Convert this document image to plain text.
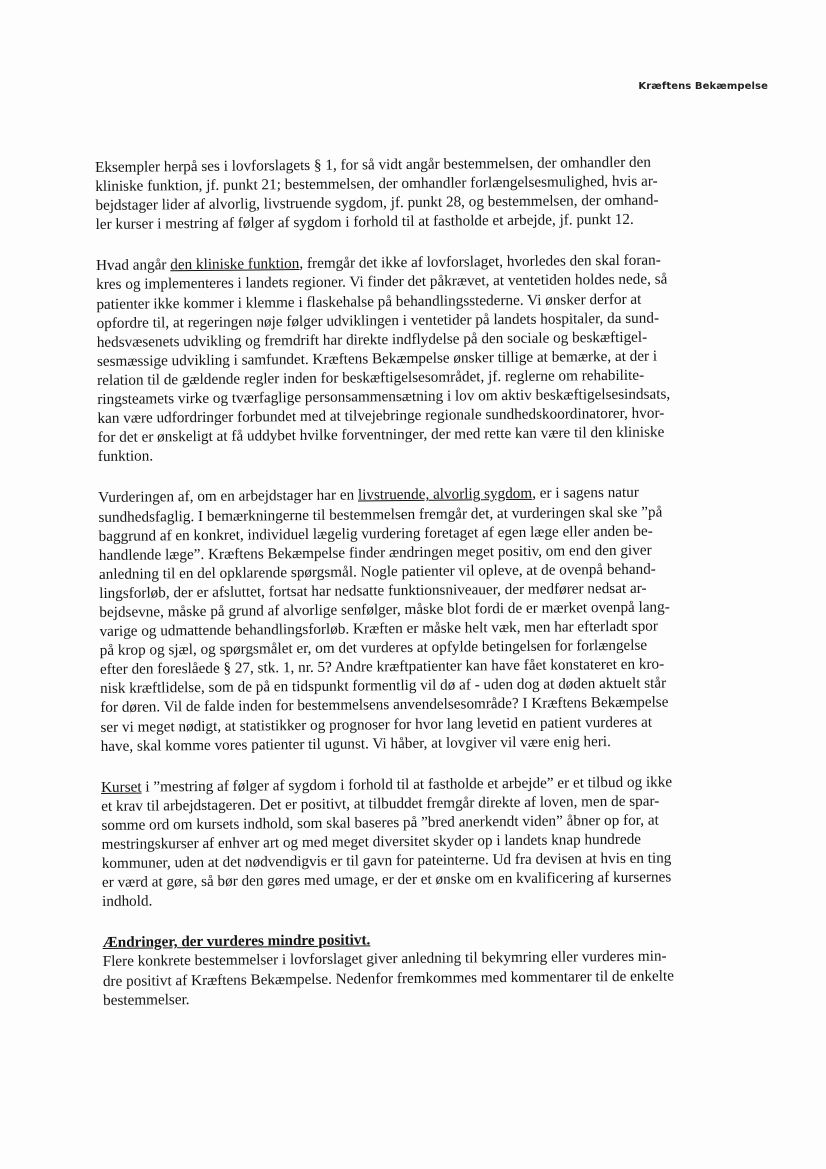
Kræftens Bekæmpelse

Eksempler herpå ses i lovforslagets § 1, for så vidt angår bestemmelsen, der omhandler den
kliniske funktion, jf. punkt 21; bestemmelsen, der omhandler forlængelsesmulighed, hvis ar-
bejdstager lider af alvorlig, livstruende sygdom, jf. punkt 28, og bestemmelsen, der omhand-
ler kurser i mestring af følger af sygdom i forhold til at fastholde et arbejde, jf. punkt 12.

Hvad angår den kliniske funktion, fremgår det ikke af lovforslaget, hvorledes den skal foran-
kres og implementeres i landets regioner. Vi finder det påkrævet, at ventetiden holdes nede, så
patienter ikke kommer i klemme i flaskehalse på behandlingsstederne. Vi ønsker derfor at
opfordre til, at regeringen nøje følger udviklingen i ventetider på landets hospitaler, da sund-
hedsvæsenets udvikling og fremdrift har direkte indflydelse på den sociale og beskæftigel-
sesmæssige udvikling i samfundet. Kræftens Bekæmpelse ønsker tillige at bemærke, at der i
relation til de gældende regler inden for beskæftigelsesområdet, jf. reglerne om rehabilite-
ringsteamets virke og tværfaglige personsammensætning i lov om aktiv beskæftigelsesindsats,
kan være udfordringer forbundet med at tilvejebringe regionale sundhedskoordinatorer, hvor-
for det er ønskeligt at få uddybet hvilke forventninger, der med rette kan være til den kliniske
funktion.

Vurderingen af, om en arbejdstager har en livstruende, alvorlig sygdom, er i sagens natur
sundhedsfaglig. I bemærkningerne til bestemmelsen fremgår det, at vurderingen skal ske ”på
baggrund af en konkret, individuel lægelig vurdering foretaget af egen læge eller anden be-
handlende læge”. Kræftens Bekæmpelse finder ændringen meget positiv, om end den giver
anledning til en del opklarende spørgsmål. Nogle patienter vil opleve, at de ovenpå behand-
lingsforløb, der er afsluttet, fortsat har nedsatte funktionsniveauer, der medfører nedsat ar-
bejdsevne, måske på grund af alvorlige senfølger, måske blot fordi de er mærket ovenpå lang-
varige og udmattende behandlingsforløb. Kræften er måske helt væk, men har efterladt spor
på krop og sjæl, og spørgsmålet er, om det vurderes at opfylde betingelsen for forlængelse
efter den foreslåede § 27, stk. 1, nr. 5? Andre kræftpatienter kan have fået konstateret en kro-
nisk kræftlidelse, som de på en tidspunkt formentlig vil dø af - uden dog at døden aktuelt står
for døren. Vil de falde inden for bestemmelsens anvendelsesområde? I Kræftens Bekæmpelse
ser vi meget nødigt, at statistikker og prognoser for hvor lang levetid en patient vurderes at
have, skal komme vores patienter til ugunst. Vi håber, at lovgiver vil være enig heri.

Kurset i ”mestring af følger af sygdom i forhold til at fastholde et arbejde” er et tilbud og ikke
et krav til arbejdstageren. Det er positivt, at tilbuddet fremgår direkte af loven, men de spar-
somme ord om kursets indhold, som skal baseres på ”bred anerkendt viden” åbner op for, at
mestringskurser af enhver art og med meget diversitet skyder op i landets knap hundrede
kommuner, uden at det nødvendigvis er til gavn for pateinterne. Ud fra devisen at hvis en ting
er værd at gøre, så bør den gøres med umage, er der et ønske om en kvalificering af kursernes
indhold.

Ændringer, der vurderes mindre positivt.
Flere konkrete bestemmelser i lovforslaget giver anledning til bekymring eller vurderes min-
dre positivt af Kræftens Bekæmpelse. Nedenfor fremkommes med kommentarer til de enkelte
bestemmelser.
